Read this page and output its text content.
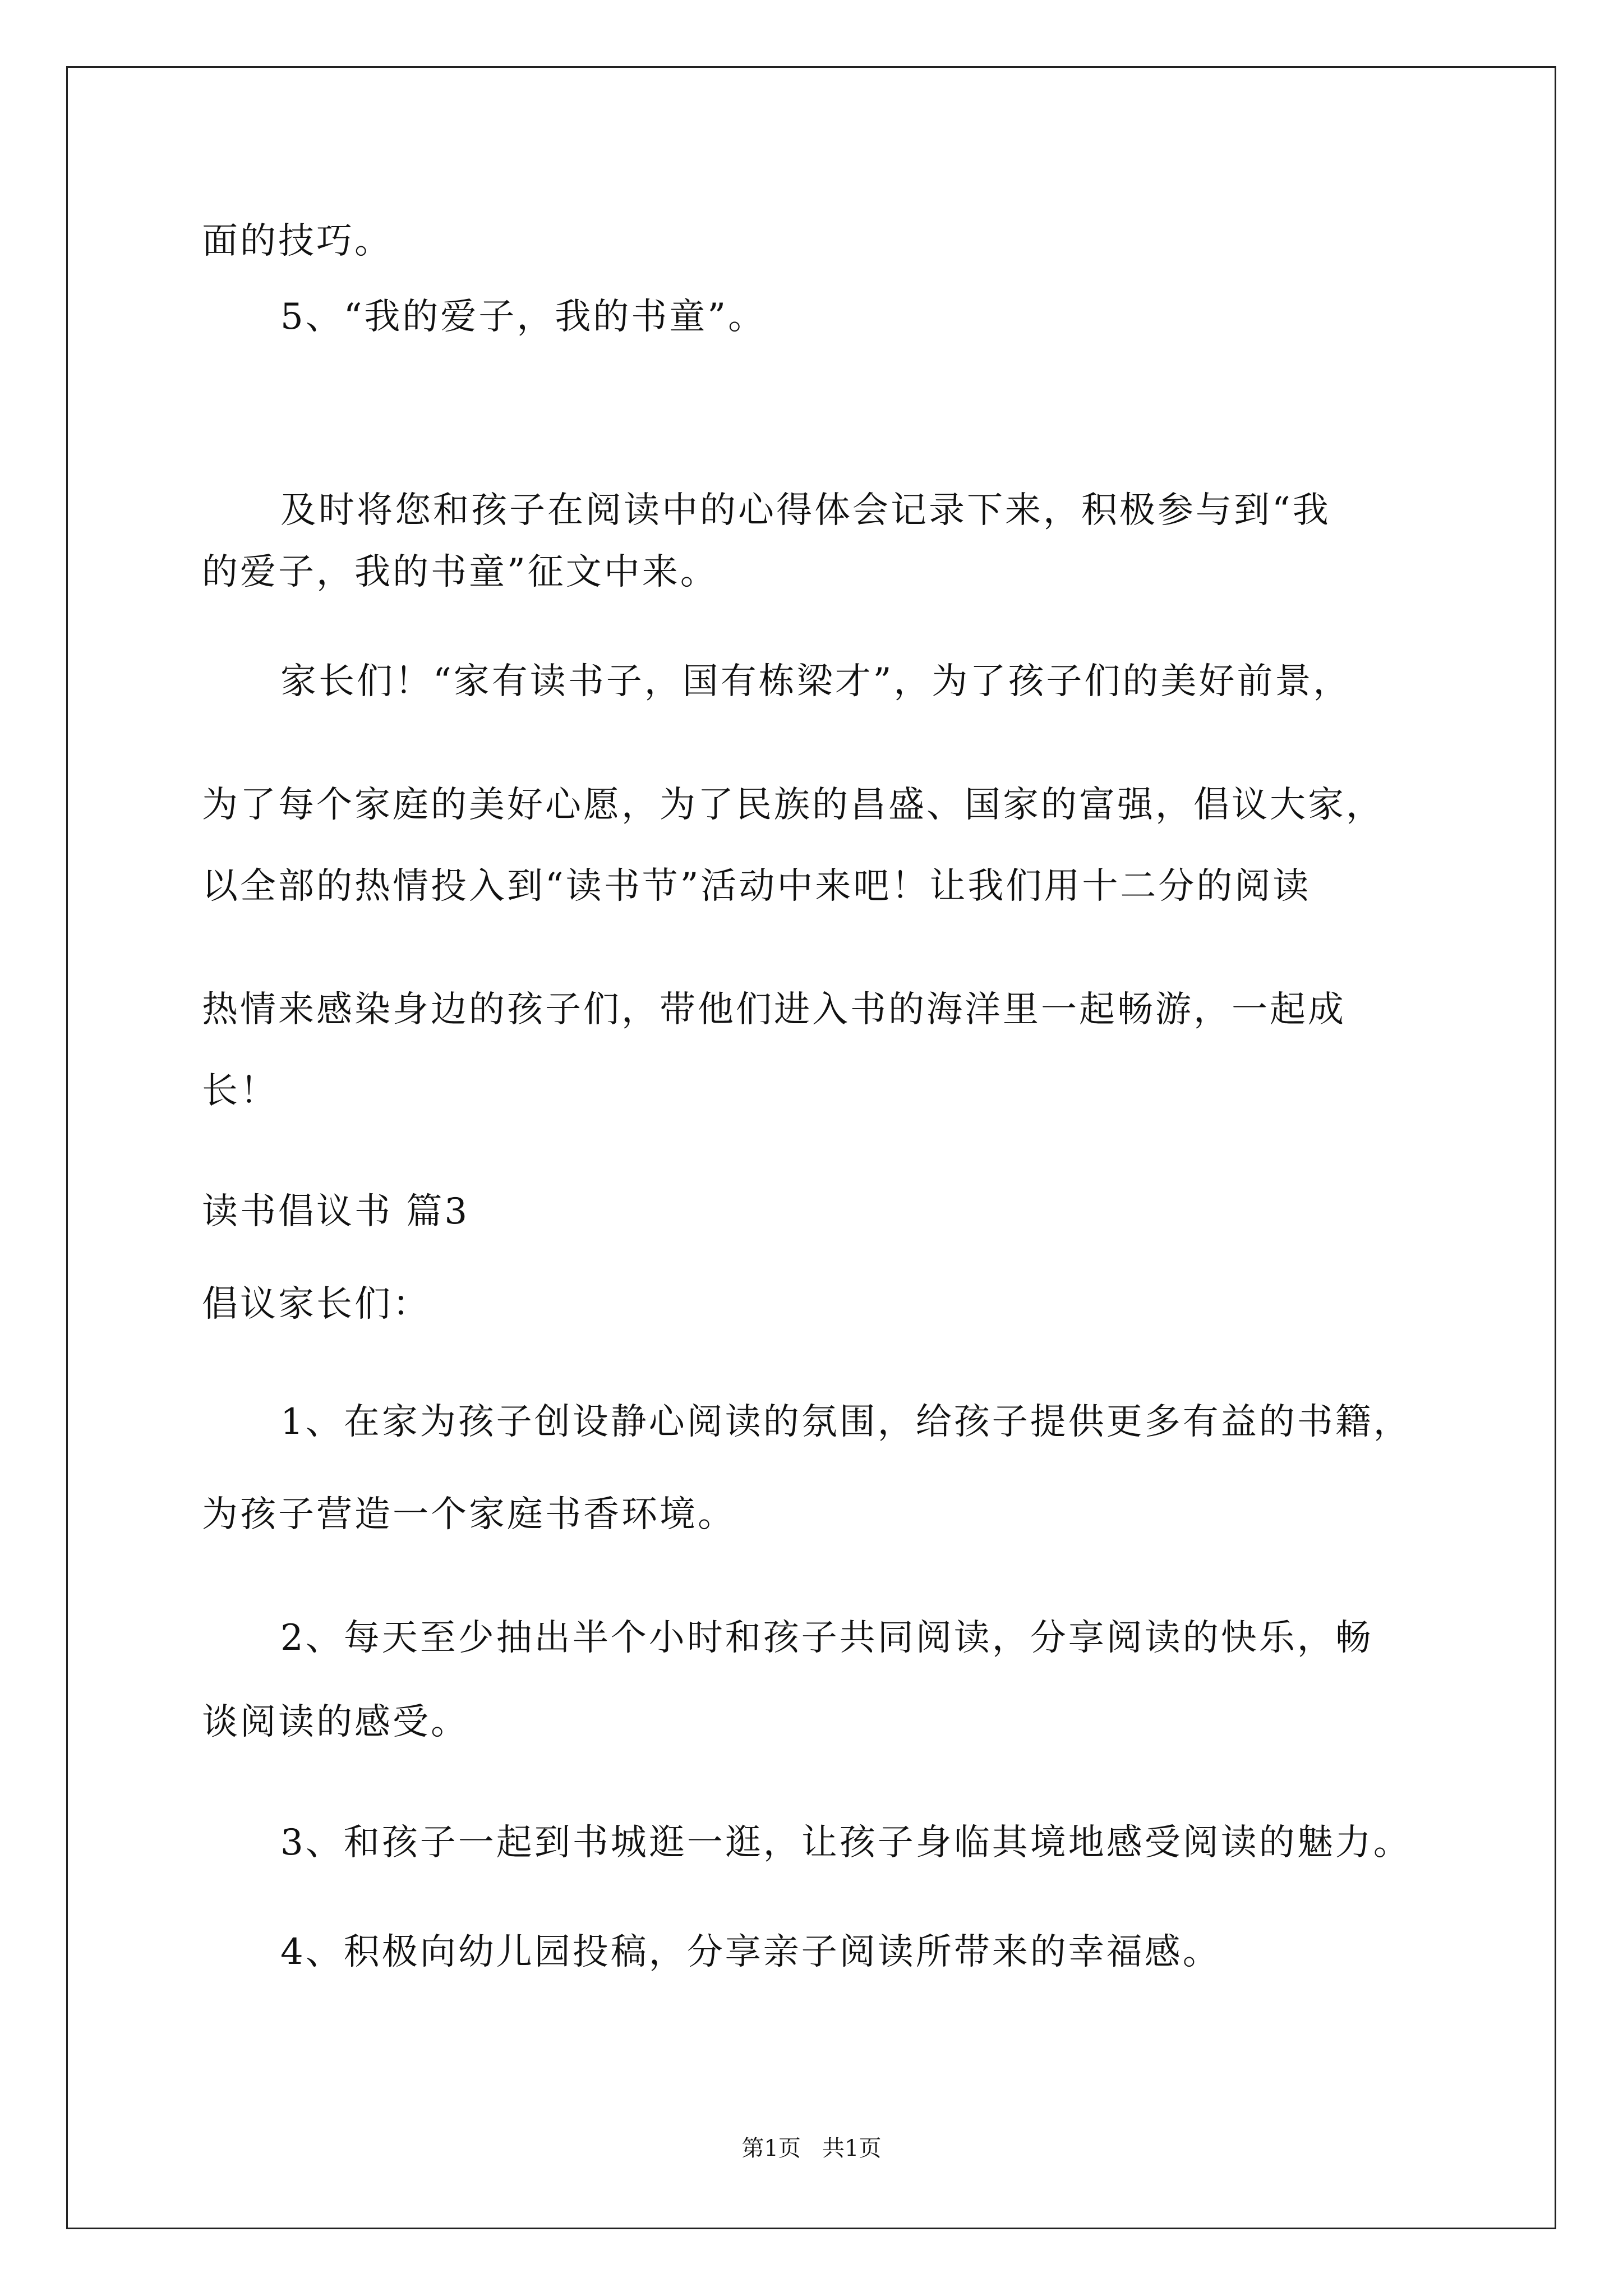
面的技巧。
5、“我的爱子，我的书童”。
及时将您和孩子在阅读中的心得体会记录下来，积极参与到“我
的爱子，我的书童”征文中来。
家长们！“家有读书子，国有栋梁才”，为了孩子们的美好前景，
为了每个家庭的美好心愿，为了民族的昌盛、国家的富强，倡议大家，
以全部的热情投入到“读书节”活动中来吧！让我们用十二分的阅读
热情来感染身边的孩子们，带他们进入书的海洋里一起畅游，一起成
长！
读书倡议书 篇3
倡议家长们：
1、在家为孩子创设静心阅读的氛围，给孩子提供更多有益的书籍，
为孩子营造一个家庭书香环境。
2、每天至少抽出半个小时和孩子共同阅读，分享阅读的快乐，畅
谈阅读的感受。
3、和孩子一起到书城逛一逛，让孩子身临其境地感受阅读的魅力。
4、积极向幼儿园投稿，分享亲子阅读所带来的幸福感。
第1页   共1页
